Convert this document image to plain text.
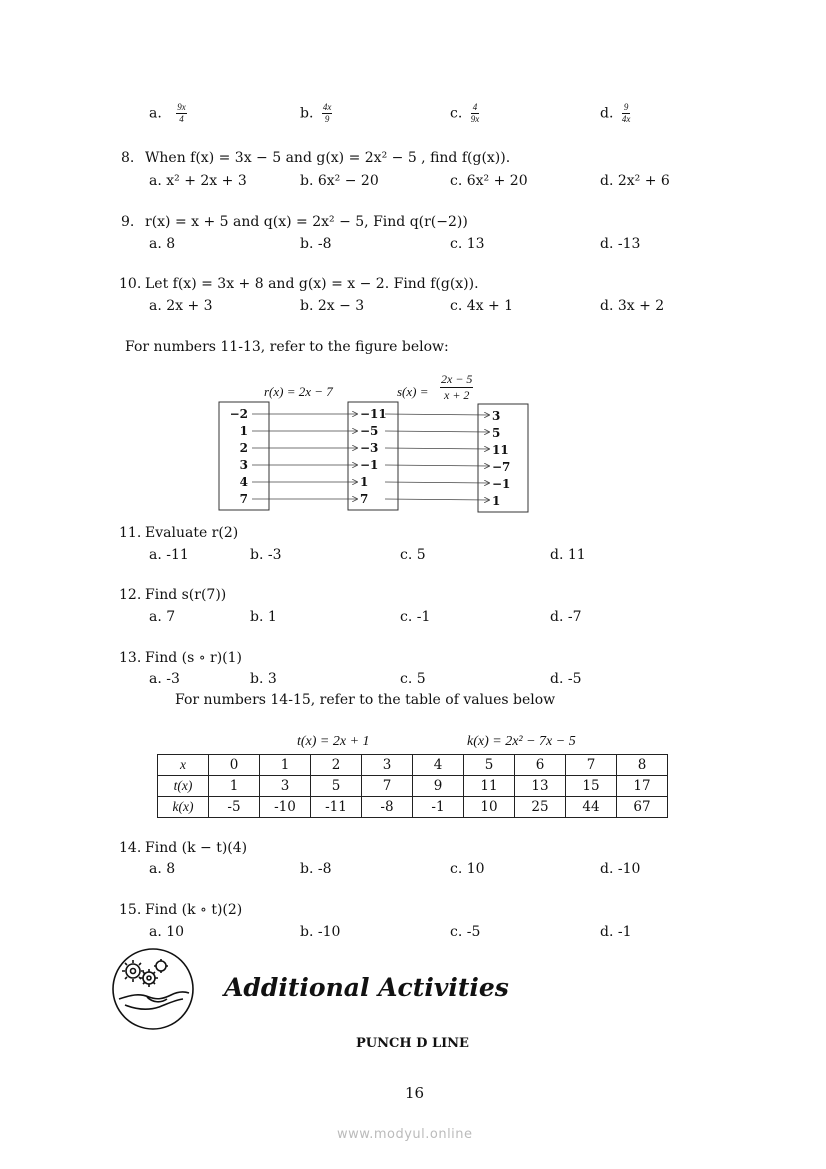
a. $\frac{9x}{4}$	b. $\frac{4x}{9}$	c. $\frac{4}{9x}$	d. $\frac{9}{4x}$
8. When f(x) = 3x − 5 and g(x) = 2x² − 5 , find f(g(x)).
a. x² + 2x + 3	b. 6x² − 20	c. 6x² + 20	d. 2x² + 6
9. r(x) = x + 5 and q(x) = 2x² − 5, Find q(r(−2))
a. 8	b. -8	c. 13	d. -13
10. Let f(x) = 3x + 8 and g(x) = x − 2. Find f(g(x)).
a. 2x + 3	b. 2x − 3	c. 4x + 1	d. 3x + 2
For numbers 11-13, refer to the figure below:
r(x) = 2x − 7	$s(x) = \frac{2x - 5}{x + 2}$
−2
1
2
3
4
7
−11
−5
−3
−1
1
7
3
5
11
−7
−1
1
11. Evaluate r(2)
a. -11	b. -3	c. 5	d. 11
12. Find s(r(7))
a. 7	b. 1	c. -1	d. -7
13. Find (s ∘ r)(1)
a. -3	b. 3	c. 5	d. -5
For numbers 14-15, refer to the table of values below
t(x) = 2x + 1	k(x) = 2x² − 7x − 5
x	0	1	2	3	4	5	6	7	8
t(x)	1	3	5	7	9	11	13	15	17
k(x)	-5	-10	-11	-8	-1	10	25	44	67
14. Find (k − t)(4)
a. 8	b. -8	c. 10	d. -10
15. Find (k ∘ t)(2)
a. 10	b. -10	c. -5	d. -1
Additional Activities
PUNCH D LINE
16
www.modyul.online
